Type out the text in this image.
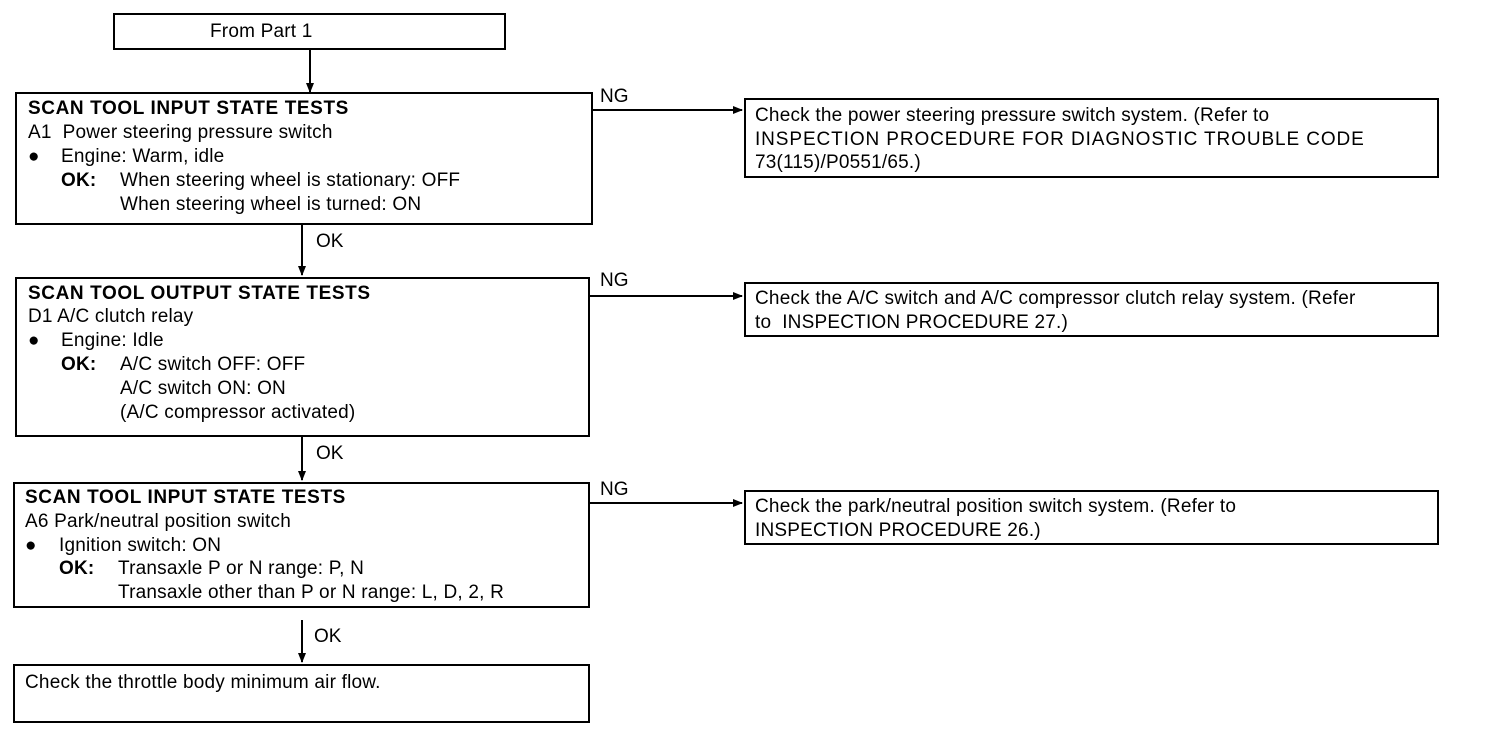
From Part 1
SCAN TOOL INPUT STATE TESTS
A1  Power steering pressure switch
● Engine: Warm, idle
OK: When steering wheel is stationary: OFF
When steering wheel is turned: ON
NG
OK
Check the power steering pressure switch system. (Refer to
INSPECTION PROCEDURE FOR DIAGNOSTIC TROUBLE CODE
73(115)/P0551/65.)
SCAN TOOL OUTPUT STATE TESTS
D1 A/C clutch relay
● Engine: Idle
OK: A/C switch OFF: OFF
A/C switch ON: ON
(A/C compressor activated)
NG
OK
Check the A/C switch and A/C compressor clutch relay system. (Refer
to  INSPECTION PROCEDURE 27.)
SCAN TOOL INPUT STATE TESTS
A6 Park/neutral position switch
● Ignition switch: ON
OK: Transaxle P or N range: P, N
Transaxle other than P or N range: L, D, 2, R
NG
OK
Check the park/neutral position switch system. (Refer to
INSPECTION PROCEDURE 26.)
Check the throttle body minimum air flow.
